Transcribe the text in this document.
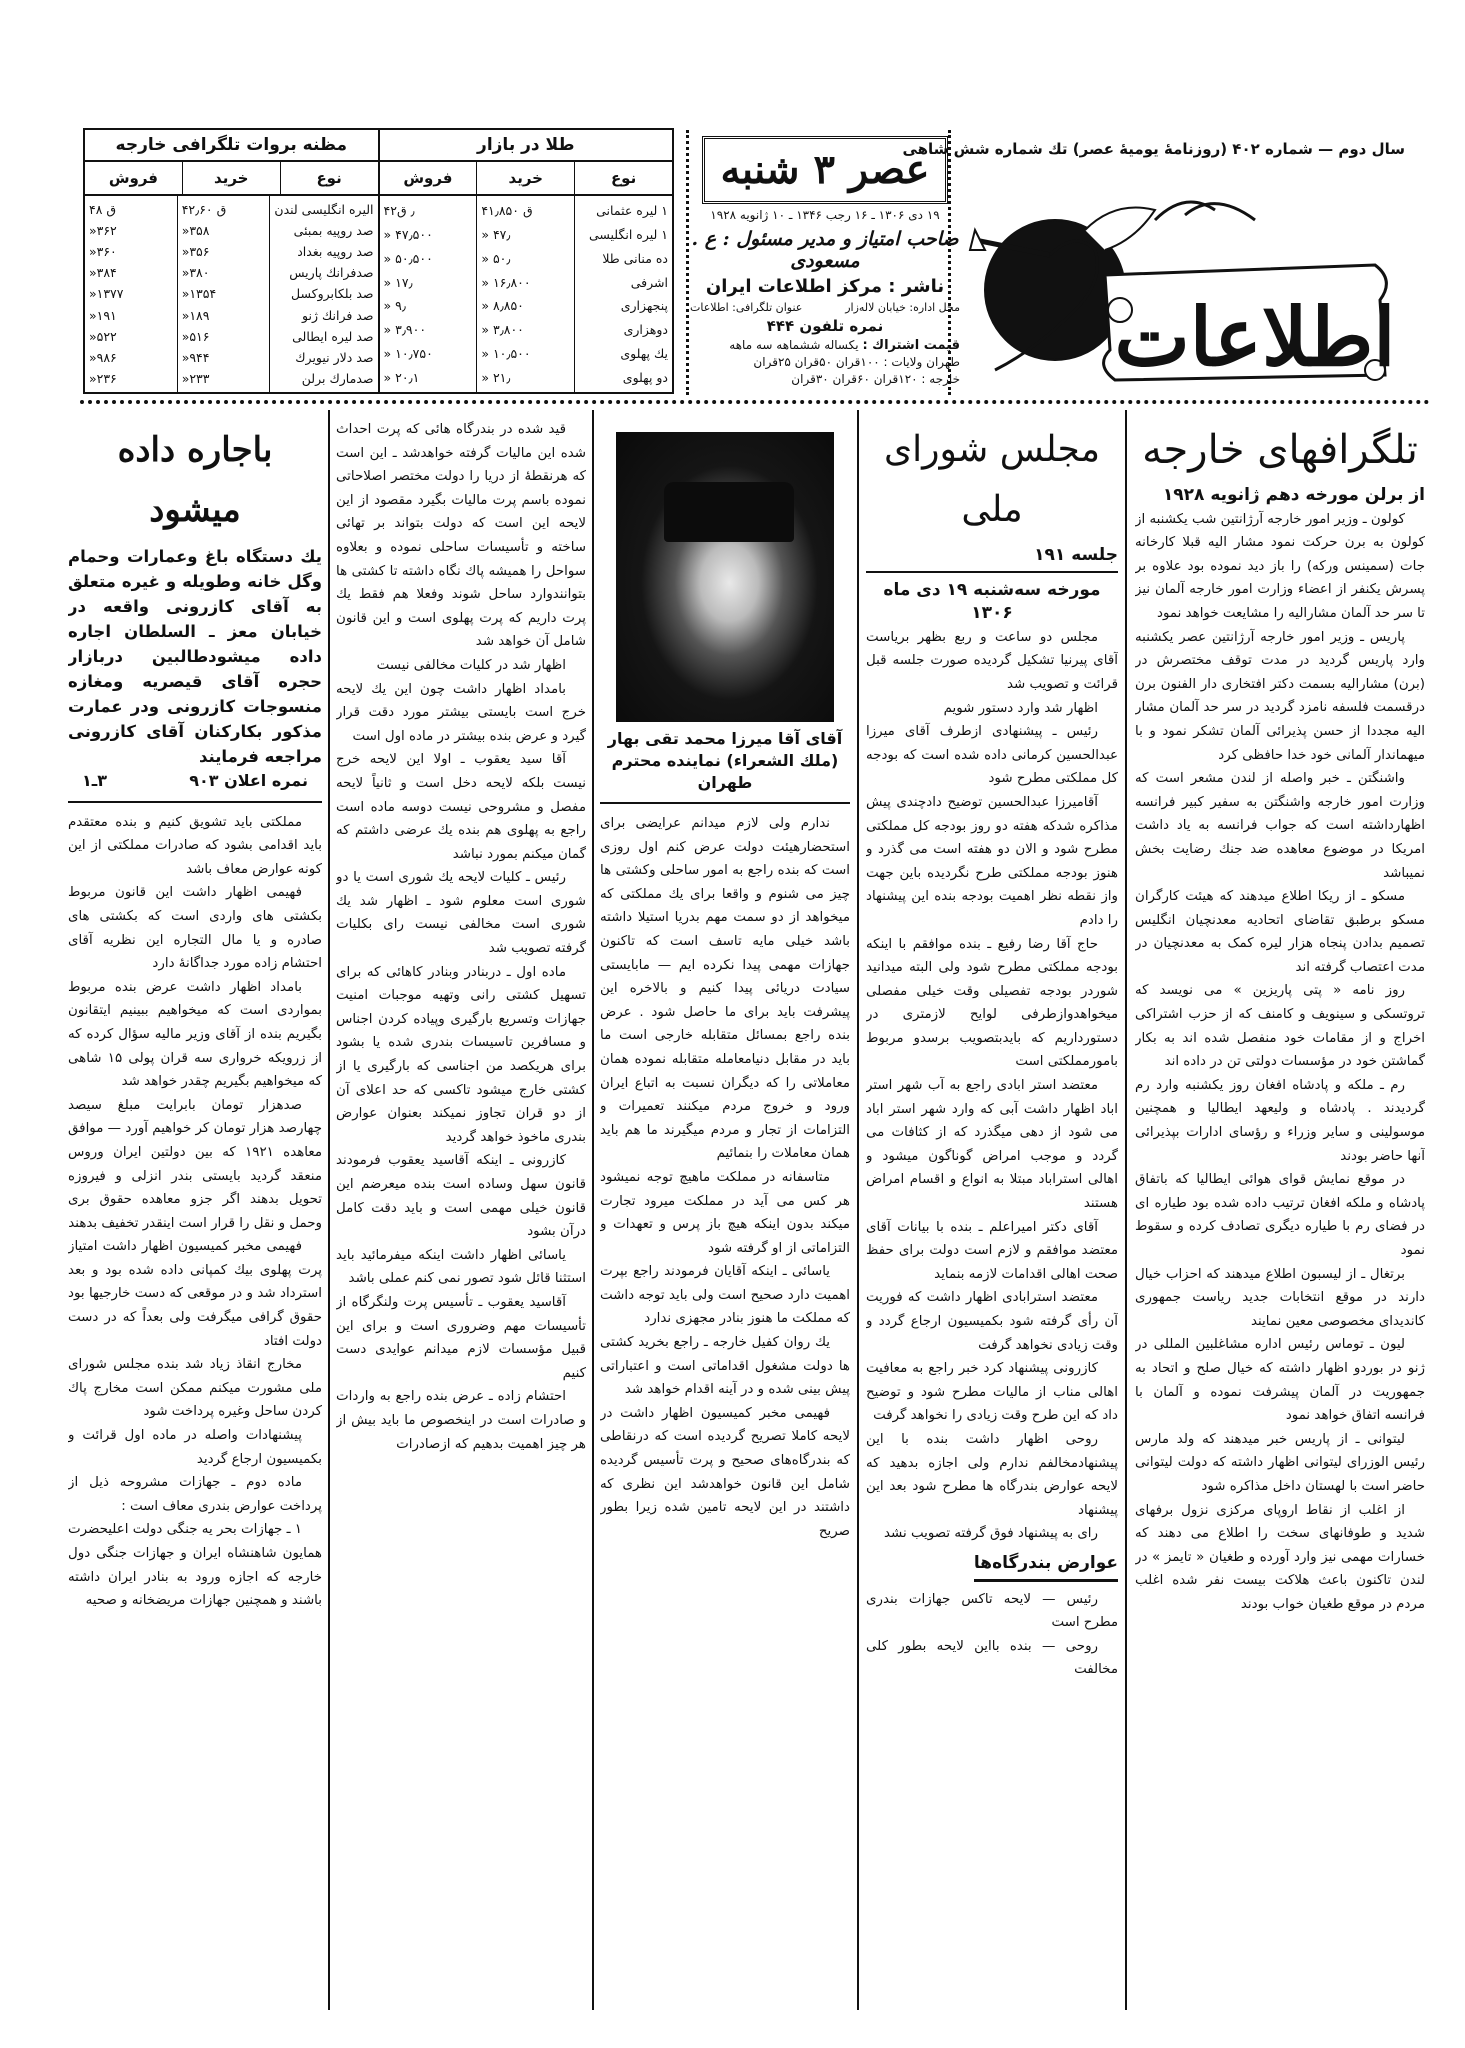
سال دوم — شماره ۴۰۲ (روزنامهٔ یومیهٔ عصر) تك شماره شش شاهی
اطلاعات
عصر ۳ شنبه
۱۹ دی ۱۳۰۶ ـ ۱۶ رجب ۱۳۴۶ ـ ۱۰ ژانویه ۱۹۲۸
صاحب امتیاز و مدیر مسئول : ع . مسعودی
ناشر : مرکز اطلاعات ایران
محل اداره: خیابان لاله‌زار
عنوان تلگرافی: اطلاعات
نمره تلفون ۴۴۴
قیمت اشتراك : یکساله ششماهه سه ماهه
طهران ولایات : ۱۰۰قران ۵۰قران ۲۵قران
خارجه : ۱۲۰قران ۶۰قران ۳۰قران
طلا در بازار
نوع
خرید
فروش
۱ لیره عثمانی
۱ لیره انگلیسی
ده منانی طلا
اشرفی
پنجهزاری
دوهزاری
یك پهلوی
دو پهلوی
۴۱٫۸۵۰ ق
» ۴۷٫
» ۵۰٫
» ۱۶٫۸۰۰
» ۸٫۸۵۰
» ۳٫۸۰۰
» ۱۰٫۵۰۰
» ۲۱٫
۴۲٫ ق
» ۴۷٫۵۰۰
» ۵۰٫۵۰۰
» ۱۷٫
» ۹٫
» ۳٫۹۰۰
» ۱۰٫۷۵۰
» ۲۰٫۱
مظنه بروات تلگرافی خارجه
نوع
خرید
فروش
الیره انگلیسی لندن
صد روپیه بمبئی
صد روپیه بغداد
صدفرانك پاریس
صد بلکابروکسل
صد فرانك ژنو
صد لیره ایطالی
صد دلار نیویرك
صدمارك برلن
۴۲٫۶۰ ق
»۳۵۸
»۳۵۶
»۳۸۰
»۱۳۵۴
»۱۸۹
»۵۱۶
»۹۴۴
»۲۳۳
۴۸ ق
»۳۶۲
»۳۶۰
»۳۸۴
»۱۳۷۷
»۱۹۱
»۵۲۲
»۹۸۶
»۲۳۶
تلگرافهای خارجه
از برلن مورخه دهم ژانویه ۱۹۲۸

کولون ـ وزیر امور خارجه آرژانتین شب یکشنبه از کولون به برن حرکت نمود مشار الیه قبلا کارخانه جات (سمینس ورکه) را باز دید نموده بود علاوه بر پسرش یکنفر از اعضاء وزارت امور خارجه آلمان نیز تا سر حد آلمان مشارالیه را مشایعت خواهد نمود

پاریس ـ وزیر امور خارجه آرژانتین عصر یکشنبه وارد پاریس گردید در مدت توقف مختصرش در (برن) مشارالیه بسمت دکتر افتخاری دار الفنون برن درقسمت فلسفه نامزد گردید در سر حد آلمان مشار الیه مجددا از حسن پذیرائی آلمان تشکر نمود و با میهماندار آلمانی خود خدا حافظی کرد

واشنگتن ـ خبر واصله از لندن مشعر است که وزارت امور خارجه واشنگتن به سفیر کبیر فرانسه اظهارداشته است که جواب فرانسه به یاد داشت امریکا در موضوع معاهده ضد جنك رضایت بخش نمیباشد

مسکو ـ از ریکا اطلاع میدهند که هیئت کارگران مسکو برطبق تقاضای اتحادیه معدنچیان انگلیس تصمیم بدادن پنجاه هزار لیره کمک به معدنچیان در مدت اعتصاب گرفته اند

روز نامه « پتی پاریزین » می نویسد که تروتسکی و سینویف و کامنف که از حزب اشتراکی اخراج و از مقامات خود منفصل شده اند به بکار گماشتن خود در مؤسسات دولتی تن در داده اند

رم ـ ملکه و پادشاه افغان روز یکشنبه وارد رم گردیدند . پادشاه و ولیعهد ایطالیا و همچنین موسولینی و سایر وزراء و رؤسای ادارات بپذیرائی آنها حاضر بودند

در موقع نمایش قوای هوائی ایطالیا که باتفاق پادشاه و ملکه افغان ترتیب داده شده بود طیاره ای در فضای رم با طیاره دیگری تصادف کرده و سقوط نمود

برتغال ـ از لیسبون اطلاع میدهند که احزاب خیال دارند در موقع انتخابات جدید ریاست جمهوری کاندیدای مخصوصی معین نمایند

لیون ـ توماس رئیس اداره مشاغلبین المللی در ژنو در بوردو اظهار داشته که خیال صلح و اتحاد به جمهوریت در آلمان پیشرفت نموده و آلمان با فرانسه اتفاق خواهد نمود

لیتوانی ـ از پاریس خبر میدهند که ولد مارس رئیس الوزرای لیتوانی اظهار داشته که دولت لیتوانی حاضر است با لهستان داخل مذاکره شود

از اغلب از نقاط اروپای مرکزی نزول برفهای شدید و طوفانهای سخت را اطلاع می دهند که خسارات مهمی نیز وارد آورده و طغیان « تایمز » در لندن تاکنون باعث هلاکت بیست نفر شده اغلب مردم در موقع طغیان خواب بودند

مجلس شورای ملی
جلسه ۱۹۱
مورخه سه‌شنبه ۱۹ دی ماه ۱۳۰۶

مجلس دو ساعت و ربع بظهر بریاست آقای پیرنیا تشکیل گردیده صورت جلسه قبل قرائت و تصویب شد

اظهار شد وارد دستور شویم

رئیس ـ پیشنهادی ازطرف آقای میرزا عبدالحسین کرمانی داده شده است که بودجه کل مملکتی مطرح شود

آقامیرزا عبدالحسین توضیح دادچندی پیش مذاکره شدکه هفته دو روز بودجه کل مملکتی مطرح شود و الان دو هفته است می گذرد و هنوز بودجه مملکتی طرح نگردیده باین جهت واز نقطه نظر اهمیت بودجه بنده این پیشنهاد را دادم

حاج آقا رضا رفیع ـ بنده موافقم با اینکه بودجه مملکتی مطرح شود ولی البته میدانید شوردر بودجه تفصیلی وقت خیلی مفصلی میخواهدوازطرفی لوایح لازمتری در دستورداریم که بایدبتصویب برسدو مربوط بامورمملکتی است

معتضد استر ابادی راجع به آب شهر استر اباد اظهار داشت آبی که وارد شهر استر اباد می شود از دهی میگذرد که از کثافات می گردد و موجب امراض گوناگون میشود و اهالی استراباد مبتلا به انواع و اقسام امراض هستند

آقای دکتر امیراعلم ـ بنده با بیانات آقای معتضد موافقم و لازم است دولت برای حفظ صحت اهالی اقدامات لازمه بنماید

معتضد استرابادی اظهار داشت که فوریت آن رأی گرفته شود بکمیسیون ارجاع گردد و وقت زیادی نخواهد گرفت

کازرونی پیشنهاد کرد خبر راجع به معافیت اهالی مناب از مالیات مطرح شود و توضیح داد که این طرح وقت زیادی را نخواهد گرفت

روحی اظهار داشت بنده با این پیشنهادمخالفم ندارم ولی اجازه بدهید که لایحه عوارض بندرگاه ها مطرح شود بعد این پیشنهاد

رای به پیشنهاد فوق گرفته تصویب نشد

عوارض بندرگاه‌ها

رئیس — لایحه تاکس جهازات بندری مطرح است

روحی — بنده بااین لایحه بطور کلی مخالفت

آقای آقا میرزا محمد تقی بهار
(ملك الشعراء) نماینده محترم طهران

ندارم ولی لازم میدانم عرایضی برای استحضارهیئت دولت عرض کنم اول روزی است که بنده راجع به امور ساحلی وکشتی ها چیز می شنوم و واقعا برای یك مملکتی که میخواهد از دو سمت مهم بدریا استیلا داشته باشد خیلی مایه تاسف است که تاکنون جهازات مهمی پیدا نکرده ایم — مابایستی سیادت دریائی پیدا کنیم و بالاخره این پیشرفت باید برای ما حاصل شود . عرض بنده راجع بمسائل متقابله خارجی است ما باید در مقابل دنیامعامله متقابله نموده همان معاملاتی را که دیگران نسبت به اتباع ایران ورود و خروج مردم میکنند تعمیرات و التزامات از تجار و مردم میگیرند ما هم باید همان معاملات را بنمائیم

متاسفانه در مملکت ماهیچ توجه نمیشود هر کس می آید در مملکت میرود تجارت میکند بدون اینکه هیچ باز پرس و تعهدات و التزاماتی از او گرفته شود

یاسائی ـ اینکه آقایان فرمودند راجع بپرت اهمیت دارد صحیح است ولی باید توجه داشت که مملکت ما هنوز بنادر مجهزی ندارد

یك روان کفیل خارجه ـ راجع بخرید کشتی ها دولت مشغول اقداماتی است و اعتباراتی پیش بینی شده و در آینه اقدام خواهد شد

فهیمی مخبر کمیسیون اظهار داشت در لایحه کاملا تصریح گردیده است که درنقاطی که بندرگاه‌های صحیح و پرت تأسیس گردیده شامل این قانون خواهدشد این نظری که داشتند در این لایحه تامین شده زیرا بطور صریح

قید شده در بندرگاه هائی که پرت احداث شده این مالیات گرفته خواهدشد ـ این است که هرنقطهٔ از دریا را دولت مختصر اصلاحاتی نموده باسم پرت مالیات بگیرد مقصود از این لایحه این است که دولت بتواند بر تهائی ساخته و تأسیسات ساحلی نموده و بعلاوه سواحل را همیشه پاك نگاه داشته تا کشتی ها بتوانندوارد ساحل شوند وفعلا هم فقط یك پرت داریم که پرت پهلوی است و این قانون شامل آن خواهد شد

اظهار شد در کلیات مخالفی نیست

بامداد اظهار داشت چون این یك لایحه خرج است بایستی بیشتر مورد دقت قرار گیرد و عرض بنده بیشتر در ماده اول است

آقا سید یعقوب ـ اولا این لایحه خرج نیست بلکه لایحه دخل است و ثانیاً لایحه مفصل و مشروحی نیست دوسه ماده است راجع به پهلوی هم بنده یك عرضی داشتم که گمان میکنم بمورد نباشد

رئیس ـ کلیات لایحه یك شوری است یا دو شوری است معلوم شود ـ اظهار شد یك شوری است مخالفی نیست رای بکلیات گرفته تصویب شد

ماده اول ـ دربنادر وبنادر کاهائی که برای تسهیل کشتی رانی وتهیه موجبات امنیت جهازات وتسریع بارگیری وپیاده کردن اجناس و مسافرین تاسیسات بندری شده یا بشود برای هریکصد من اجناسی که بارگیری یا از کشتی خارج میشود تاکسی که حد اعلای آن از دو قران تجاوز نمیکند بعنوان عوارض بندری ماخوذ خواهد گردید

کازرونی ـ اینکه آقاسید یعقوب فرمودند قانون سهل وساده است بنده میعرضم این قانون خیلی مهمی است و باید دقت کامل درآن بشود

یاسائی اظهار داشت اینکه میفرمائید باید استثنا قائل شود تصور نمی کنم عملی باشد

آقاسید یعقوب ـ تأسیس پرت ولنگرگاه از تأسیسات مهم وضروری است و برای این قبیل مؤسسات لازم میدانم عوایدی دست کنیم

احتشام زاده ـ عرض بنده راجع به واردات و صادرات است در اینخصوص ما باید بیش از هر چیز اهمیت بدهیم که ازصادرات

باجاره داده میشود
یك دستگاه باغ وعمارات وحمام وگل خانه وطویله و غیره متعلق به آقای کازرونی واقعه در خیابان معز ـ السلطان اجاره داده میشودطالبین دربازار حجره آقای قیصریه ومغازه منسوجات کازرونی ودر عمارت مذکور بکارکنان آقای کازرونی مراجعه فرمایند
نمره اعلان ۹۰۳
۳ـ۱

مملکتی باید تشویق کنیم و بنده معتقدم باید اقدامی بشود که صادرات مملکتی از این کونه عوارض معاف باشد

فهیمی اظهار داشت این قانون مربوط بکشتی های واردی است که بکشتی های صادره و یا مال التجاره این نظریه آقای احتشام زاده مورد جداگانهٔ دارد

بامداد اظهار داشت عرض بنده مربوط بمواردی است که میخواهیم ببینیم ایتقانون بگیریم بنده از آقای وزیر مالیه سؤال کرده که از زرویکه خرواری سه قران پولی ۱۵ شاهی که میخواهیم بگیریم چقدر خواهد شد

صدهزار تومان بابرایت مبلغ سیصد چهارصد هزار تومان کر خواهیم آورد — موافق معاهده ۱۹۲۱ که بین دولتین ایران وروس منعقد گردید بایستی بندر انزلی و فیروزه تحویل بدهند اگر جزو معاهده حقوق بری وحمل و نقل را قرار است اینقدر تخفیف بدهند

فهیمی مخبر کمیسیون اظهار داشت امتیاز پرت پهلوی بیك کمپانی داده شده بود و بعد استرداد شد و در موقعی که دست خارجیها بود حقوق گرافی میگرفت ولی بعداً که در دست دولت افتاد

مخارج انقاذ زیاد شد بنده مجلس شورای ملی مشورت میکنم ممکن است مخارج پاك کردن ساحل وغیره پرداخت شود

پیشنهادات واصله در ماده اول قرائت و بکمیسیون ارجاع گردید

ماده دوم ـ جهازات مشروحه ذیل از پرداخت عوارض بندری معاف است :

۱ ـ جهازات بحر یه جنگی دولت اعلیحضرت همایون شاهنشاه ایران و جهازات جنگی دول خارجه که اجازه ورود به بنادر ایران داشته باشند و همچنین جهازات مریضخانه و صحیه
